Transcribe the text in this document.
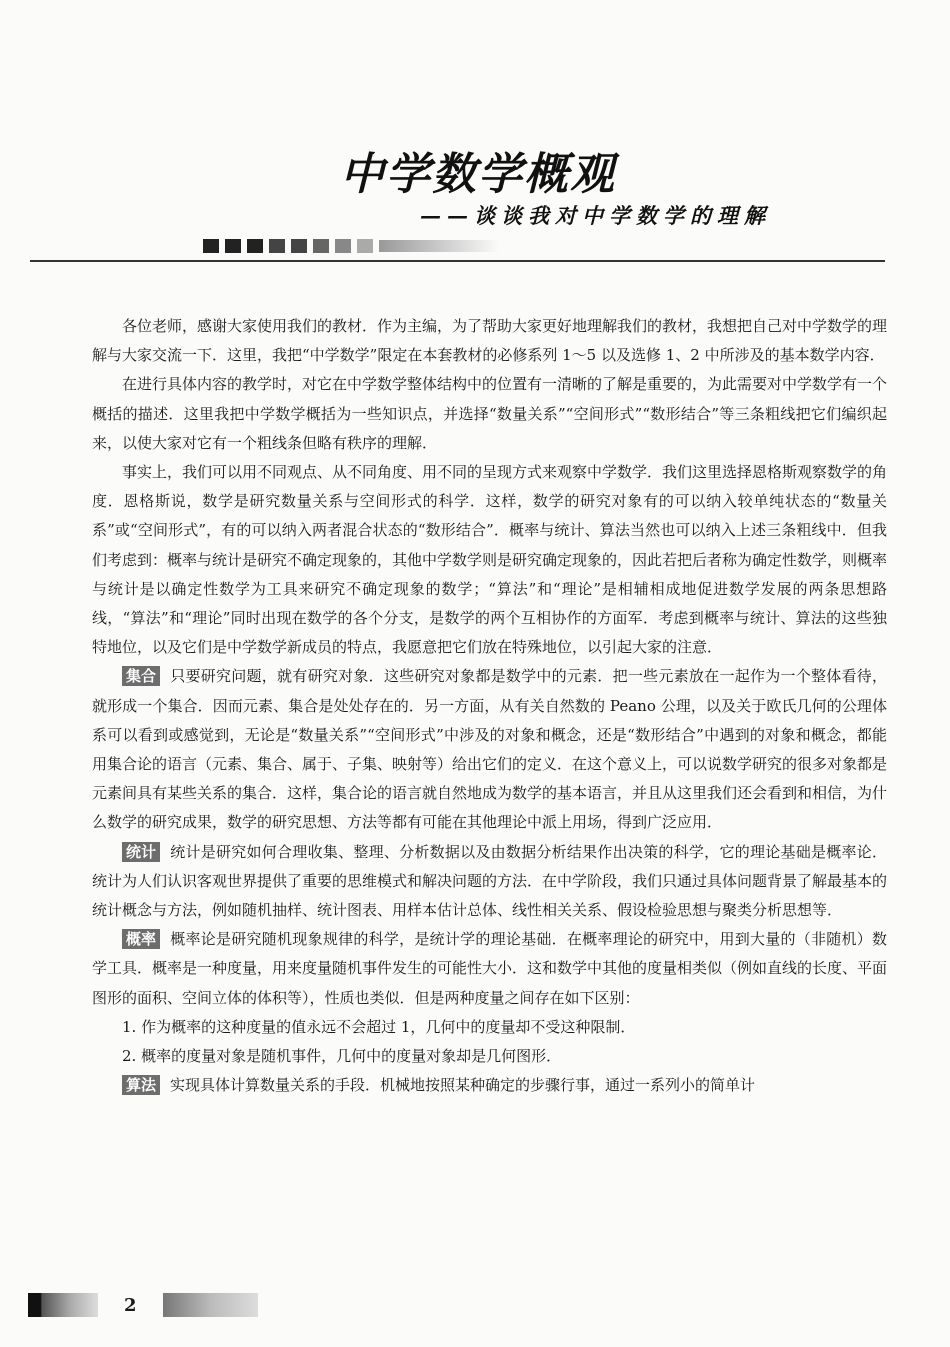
中学数学概观
——谈谈我对中学数学的理解

各位老师，感谢大家使用我们的教材．作为主编，为了帮助大家更好地理解我们的教材，我想把自己对中学数学的理解与大家交流一下．这里，我把“中学数学”限定在本套教材的必修系列 1～5 以及选修 1、2 中所涉及的基本数学内容．

在进行具体内容的教学时，对它在中学数学整体结构中的位置有一清晰的了解是重要的，为此需要对中学数学有一个概括的描述．这里我把中学数学概括为一些知识点，并选择“数量关系”“空间形式”“数形结合”等三条粗线把它们编织起来，以使大家对它有一个粗线条但略有秩序的理解．

事实上，我们可以用不同观点、从不同角度、用不同的呈现方式来观察中学数学．我们这里选择恩格斯观察数学的角度．恩格斯说，数学是研究数量关系与空间形式的科学．这样，数学的研究对象有的可以纳入较单纯状态的“数量关系”或“空间形式”，有的可以纳入两者混合状态的“数形结合”．概率与统计、算法当然也可以纳入上述三条粗线中．但我们考虑到：概率与统计是研究不确定现象的，其他中学数学则是研究确定现象的，因此若把后者称为确定性数学，则概率与统计是以确定性数学为工具来研究不确定现象的数学；“算法”和“理论”是相辅相成地促进数学发展的两条思想路线，“算法”和“理论”同时出现在数学的各个分支，是数学的两个互相协作的方面军．考虑到概率与统计、算法的这些独特地位，以及它们是中学数学新成员的特点，我愿意把它们放在特殊地位，以引起大家的注意．

集合 只要研究问题，就有研究对象．这些研究对象都是数学中的元素．把一些元素放在一起作为一个整体看待，就形成一个集合．因而元素、集合是处处存在的．另一方面，从有关自然数的 Peano 公理，以及关于欧氏几何的公理体系可以看到或感觉到，无论是“数量关系”“空间形式”中涉及的对象和概念，还是“数形结合”中遇到的对象和概念，都能用集合论的语言（元素、集合、属于、子集、映射等）给出它们的定义．在这个意义上，可以说数学研究的很多对象都是元素间具有某些关系的集合．这样，集合论的语言就自然地成为数学的基本语言，并且从这里我们还会看到和相信，为什么数学的研究成果，数学的研究思想、方法等都有可能在其他理论中派上用场，得到广泛应用．

统计 统计是研究如何合理收集、整理、分析数据以及由数据分析结果作出决策的科学，它的理论基础是概率论．统计为人们认识客观世界提供了重要的思维模式和解决问题的方法．在中学阶段，我们只通过具体问题背景了解最基本的统计概念与方法，例如随机抽样、统计图表、用样本估计总体、线性相关关系、假设检验思想与聚类分析思想等．

概率 概率论是研究随机现象规律的科学，是统计学的理论基础．在概率理论的研究中，用到大量的（非随机）数学工具．概率是一种度量，用来度量随机事件发生的可能性大小．这和数学中其他的度量相类似（例如直线的长度、平面图形的面积、空间立体的体积等），性质也类似．但是两种度量之间存在如下区别：

1. 作为概率的这种度量的值永远不会超过 1，几何中的度量却不受这种限制．

2. 概率的度量对象是随机事件，几何中的度量对象却是几何图形．

算法 实现具体计算数量关系的手段．机械地按照某种确定的步骤行事，通过一系列小的简单计

2
